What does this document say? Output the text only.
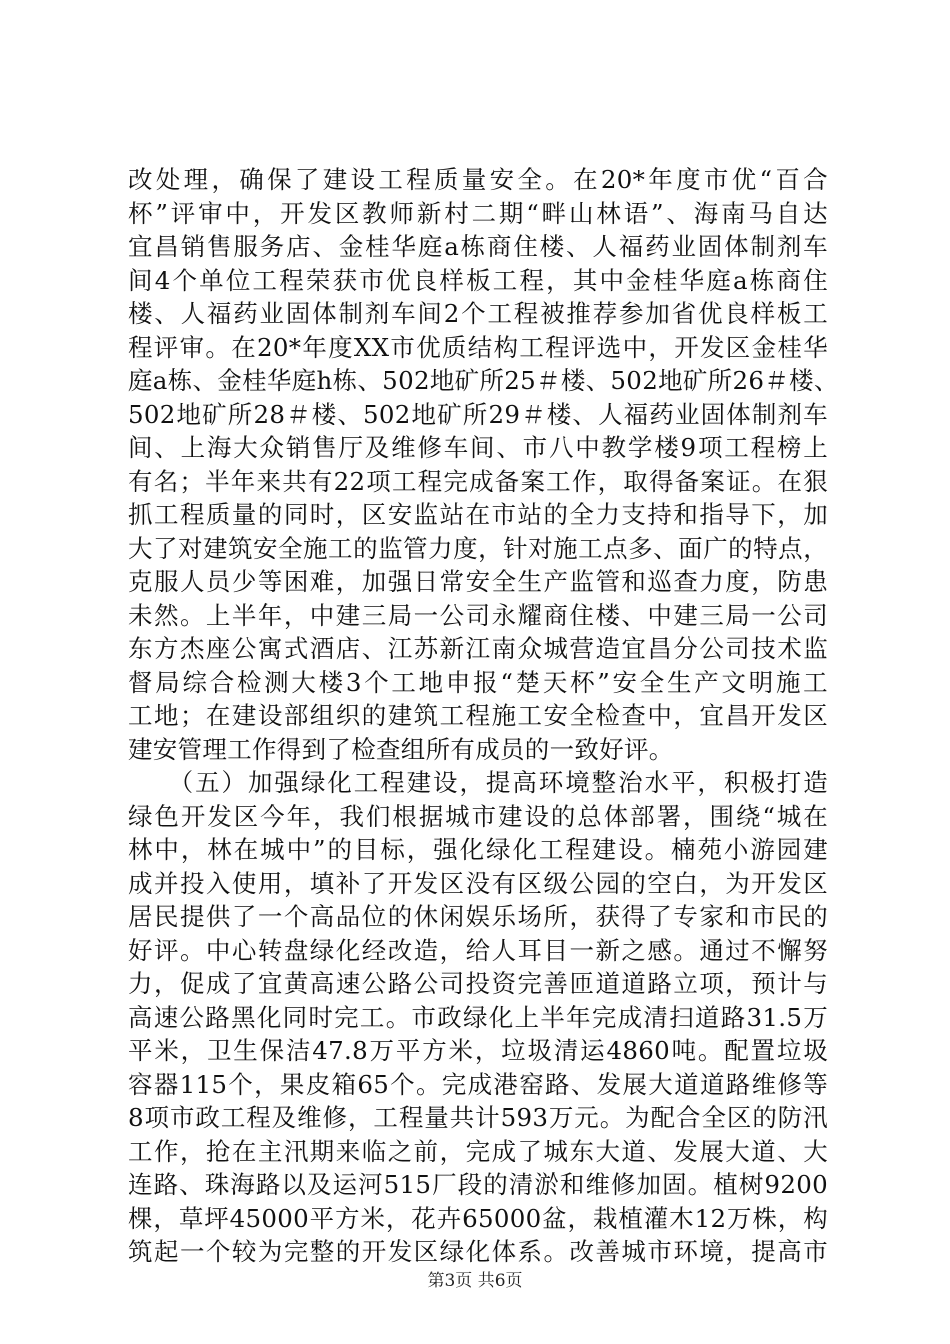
改处理，确保了建设工程质量安全。在20*年度市优“百合
杯”评审中，开发区教师新村二期“畔山林语”、海南马自达
宜昌销售服务店、金桂华庭a栋商住楼、人福药业固体制剂车
间4个单位工程荣获市优良样板工程，其中金桂华庭a栋商住
楼、人福药业固体制剂车间2个工程被推荐参加省优良样板工
程评审。在20*年度XX市优质结构工程评选中，开发区金桂华
庭a栋、金桂华庭h栋、502地矿所25＃楼、502地矿所26＃楼、
502地矿所28＃楼、502地矿所29＃楼、人福药业固体制剂车
间、上海大众销售厅及维修车间、市八中教学楼9项工程榜上
有名；半年来共有22项工程完成备案工作，取得备案证。在狠
抓工程质量的同时，区安监站在市站的全力支持和指导下，加
大了对建筑安全施工的监管力度，针对施工点多、面广的特点，
克服人员少等困难，加强日常安全生产监管和巡查力度，防患
未然。上半年，中建三局一公司永耀商住楼、中建三局一公司
东方杰座公寓式酒店、江苏新江南众城营造宜昌分公司技术监
督局综合检测大楼3个工地申报“楚天杯”安全生产文明施工
工地；在建设部组织的建筑工程施工安全检查中，宜昌开发区
建安管理工作得到了检查组所有成员的一致好评。
　　（五）加强绿化工程建设，提高环境整治水平，积极打造
绿色开发区今年，我们根据城市建设的总体部署，围绕“城在
林中，林在城中”的目标，强化绿化工程建设。楠苑小游园建
成并投入使用，填补了开发区没有区级公园的空白，为开发区
居民提供了一个高品位的休闲娱乐场所，获得了专家和市民的
好评。中心转盘绿化经改造，给人耳目一新之感。通过不懈努
力，促成了宜黄高速公路公司投资完善匝道道路立项，预计与
高速公路黑化同时完工。市政绿化上半年完成清扫道路31.5万
平米，卫生保洁47.8万平方米，垃圾清运4860吨。配置垃圾
容器115个，果皮箱65个。完成港窑路、发展大道道路维修等
8项市政工程及维修，工程量共计593万元。为配合全区的防汛
工作，抢在主汛期来临之前，完成了城东大道、发展大道、大
连路、珠海路以及运河515厂段的清淤和维修加固。植树9200
棵，草坪45000平方米，花卉65000盆，栽植灌木12万株，构
筑起一个较为完整的开发区绿化体系。改善城市环境，提高市
第3页 共6页
